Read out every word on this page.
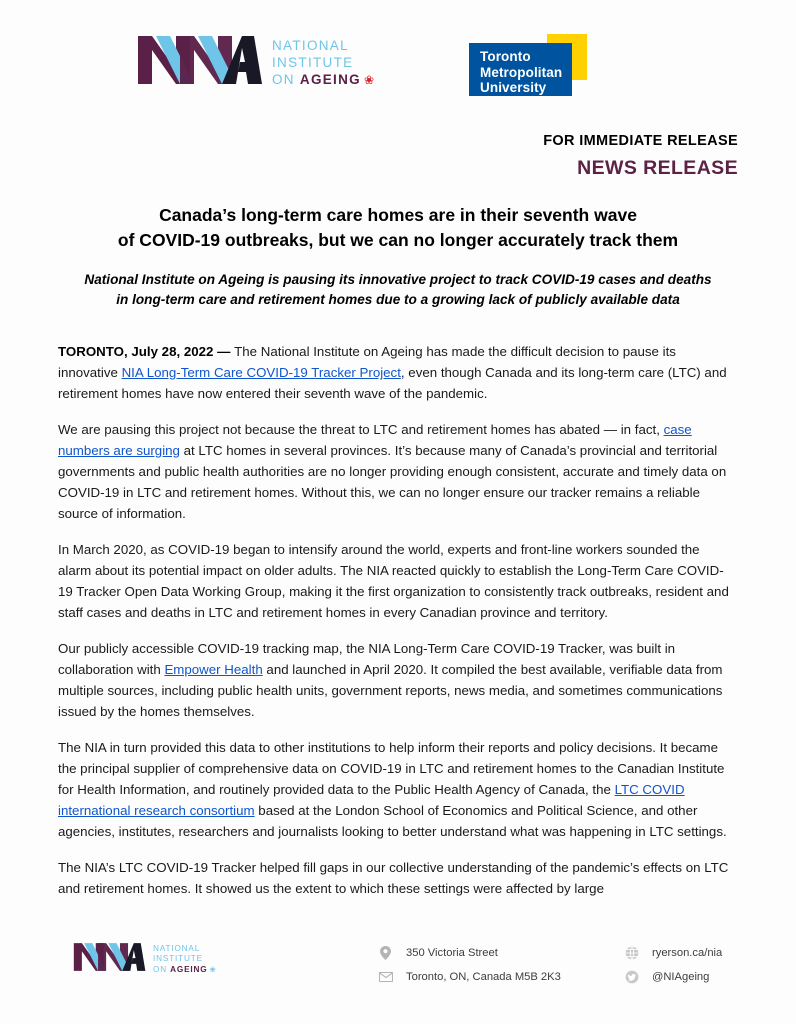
NATIONAL
INSTITUTE
ON AGEING ❀
Toronto
Metropolitan
University
FOR IMMEDIATE RELEASE
NEWS RELEASE
Canada’s long-term care homes are in their seventh wave
of COVID-19 outbreaks, but we can no longer accurately track them
National Institute on Ageing is pausing its innovative project to track COVID-19 cases and deaths
in long-term care and retirement homes due to a growing lack of publicly available data

TORONTO, July 28, 2022 — The National Institute on Ageing has made the difficult decision to pause its innovative NIA Long-Term Care COVID-19 Tracker Project, even though Canada and its long-term care (LTC) and retirement homes have now entered their seventh wave of the pandemic.

We are pausing this project not because the threat to LTC and retirement homes has abated — in fact, case numbers are surging at LTC homes in several provinces. It’s because many of Canada’s provincial and territorial governments and public health authorities are no longer providing enough consistent, accurate and timely data on COVID-19 in LTC and retirement homes. Without this, we can no longer ensure our tracker remains a reliable source of information.

In March 2020, as COVID-19 began to intensify around the world, experts and front-line workers sounded the alarm about its potential impact on older adults. The NIA reacted quickly to establish the Long-Term Care COVID-19 Tracker Open Data Working Group, making it the first organization to consistently track outbreaks, resident and staff cases and deaths in LTC and retirement homes in every Canadian province and territory.

Our publicly accessible COVID-19 tracking map, the NIA Long-Term Care COVID-19 Tracker, was built in collaboration with Empower Health and launched in April 2020. It compiled the best available, verifiable data from multiple sources, including public health units, government reports, news media, and sometimes communications issued by the homes themselves.

The NIA in turn provided this data to other institutions to help inform their reports and policy decisions. It became the principal supplier of comprehensive data on COVID-19 in LTC and retirement homes to the Canadian Institute for Health Information, and routinely provided data to the Public Health Agency of Canada, the LTC COVID international research consortium based at the London School of Economics and Political Science, and other agencies, institutes, researchers and journalists looking to better understand what was happening in LTC settings.

The NIA’s LTC COVID-19 Tracker helped fill gaps in our collective understanding of the pandemic’s effects on LTC and retirement homes. It showed us the extent to which these settings were affected by large

NATIONAL
INSTITUTE
ON AGEING ❀
350 Victoria Street
Toronto, ON, Canada M5B 2K3
ryerson.ca/nia
@NIAgeing
